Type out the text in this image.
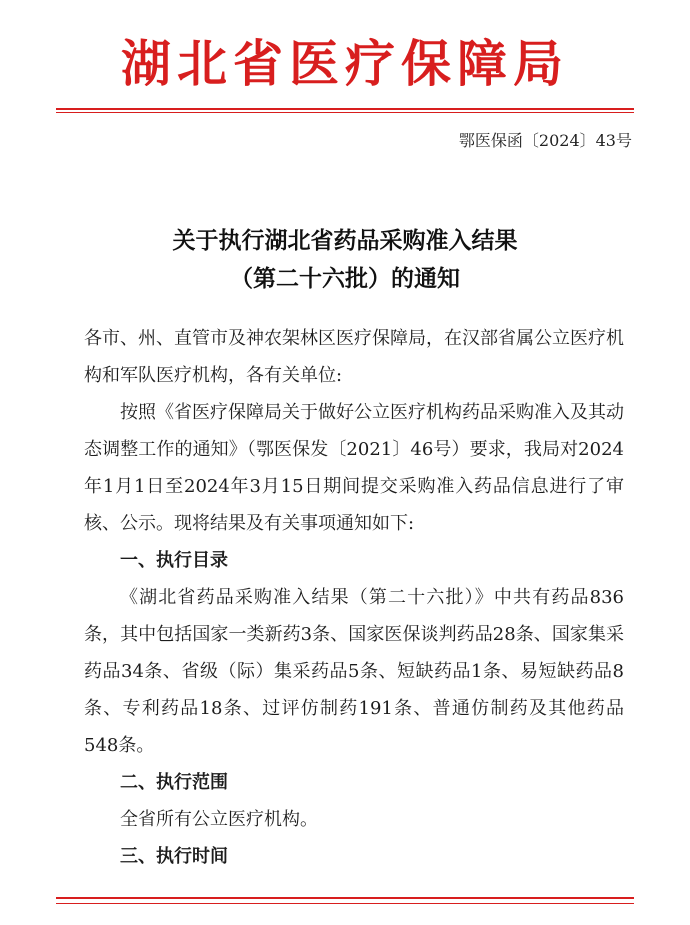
湖北省医疗保障局
鄂医保函〔2024〕43号
关于执行湖北省药品采购准入结果
（第二十六批）的通知

各市、州、直管市及神农架林区医疗保障局，在汉部省属公立医疗机构和军队医疗机构，各有关单位:

按照《省医疗保障局关于做好公立医疗机构药品采购准入及其动态调整工作的通知》（鄂医保发〔2021〕46号）要求，我局对2024年1月1日至2024年3月15日期间提交采购准入药品信息进行了审核、公示。现将结果及有关事项通知如下:

一、执行目录

《湖北省药品采购准入结果（第二十六批）》中共有药品836条，其中包括国家一类新药3条、国家医保谈判药品28条、国家集采药品34条、省级（际）集采药品5条、短缺药品1条、易短缺药品8条、专利药品18条、过评仿制药191条、普通仿制药及其他药品548条。

二、执行范围

全省所有公立医疗机构。

三、执行时间
